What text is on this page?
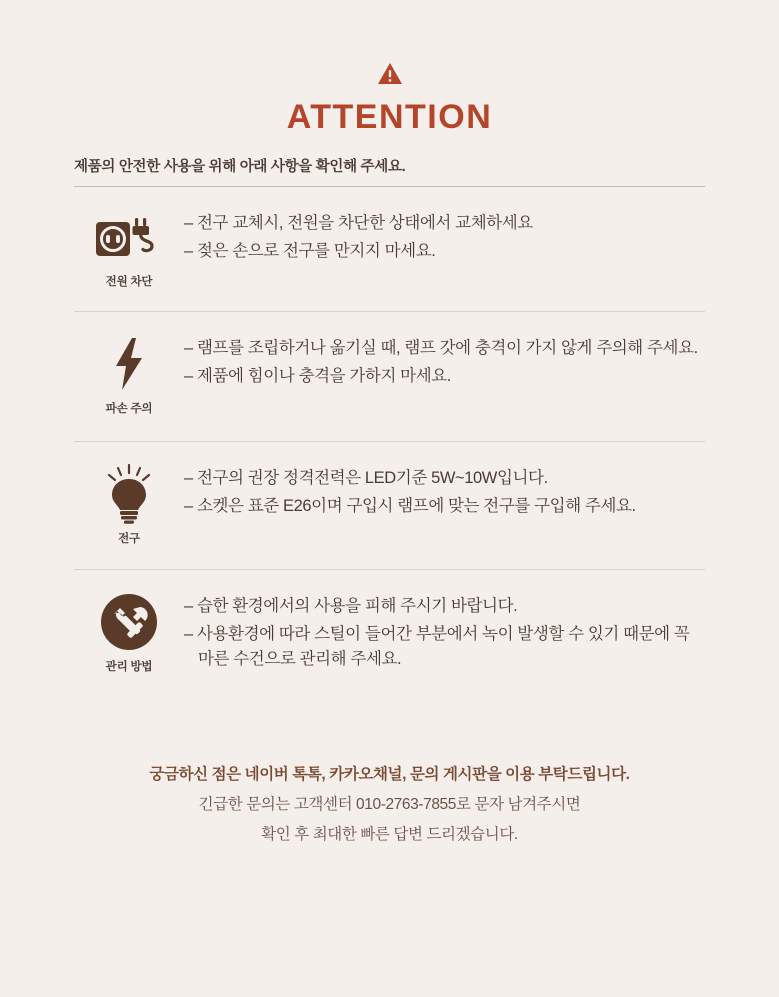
ATTENTION
제품의 안전한 사용을 위해 아래 사항을 확인해 주세요.
전원 차단
– 전구 교체시, 전원을 차단한 상태에서 교체하세요
– 젖은 손으로 전구를 만지지 마세요.
파손 주의
– 램프를 조립하거나 옮기실 때, 램프 갓에 충격이 가지 않게 주의해 주세요.
– 제품에 힘이나 충격을 가하지 마세요.
전구
– 전구의 권장 정격전력은 LED기준 5W~10W입니다.
– 소켓은 표준 E26이며 구입시 램프에 맞는 전구를 구입해 주세요.
관리 방법
– 습한 환경에서의 사용을 피해 주시기 바랍니다.
– 사용환경에 따라 스틸이 들어간 부분에서 녹이 발생할 수 있기 때문에 꼭 마른 수건으로 관리해 주세요.
궁금하신 점은 네이버 톡톡, 카카오채널, 문의 게시판을 이용 부탁드립니다.
긴급한 문의는 고객센터 010-2763-7855로 문자 남겨주시면
확인 후 최대한 빠른 답변 드리겠습니다.
